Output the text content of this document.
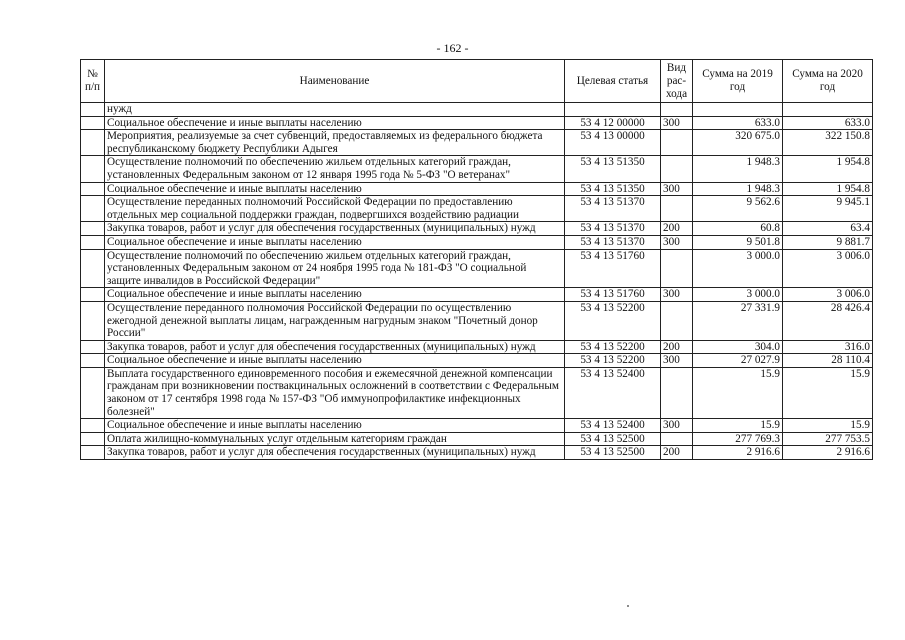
- 162 -
№ п/п	Наименование	Целевая статья	Вид рас-хода	Сумма на 2019 год	Сумма на 2020 год
	нужд				
	Социальное обеспечение и иные выплаты населению	53 4 12 00000	300	633.0	633.0
	Мероприятия, реализуемые за счет субвенций, предоставляемых из федерального бюджета республиканскому бюджету Республики Адыгея	53 4 13 00000		320 675.0	322 150.8
	Осуществление полномочий по обеспечению жильем отдельных категорий граждан, установленных Федеральным законом от 12 января 1995 года № 5-ФЗ "О ветеранах"	53 4 13 51350		1 948.3	1 954.8
	Социальное обеспечение и иные выплаты населению	53 4 13 51350	300	1 948.3	1 954.8
	Осуществление переданных полномочий Российской Федерации по предоставлению отдельных мер социальной поддержки граждан, подвергшихся воздействию радиации	53 4 13 51370		9 562.6	9 945.1
	Закупка товаров, работ и услуг для обеспечения государственных (муниципальных) нужд	53 4 13 51370	200	60.8	63.4
	Социальное обеспечение и иные выплаты населению	53 4 13 51370	300	9 501.8	9 881.7
	Осуществление полномочий по обеспечению жильем отдельных категорий граждан, установленных Федеральным законом от 24 ноября 1995 года № 181-ФЗ "О социальной защите инвалидов в Российской Федерации"	53 4 13 51760		3 000.0	3 006.0
	Социальное обеспечение и иные выплаты населению	53 4 13 51760	300	3 000.0	3 006.0
	Осуществление переданного полномочия Российской Федерации по осуществлению ежегодной денежной выплаты лицам, награжденным нагрудным знаком "Почетный донор России"	53 4 13 52200		27 331.9	28 426.4
	Закупка товаров, работ и услуг для обеспечения государственных (муниципальных) нужд	53 4 13 52200	200	304.0	316.0
	Социальное обеспечение и иные выплаты населению	53 4 13 52200	300	27 027.9	28 110.4
	Выплата государственного единовременного пособия и ежемесячной денежной компенсации гражданам при возникновении поствакцинальных осложнений в соответствии с Федеральным законом от 17 сентября 1998 года № 157-ФЗ "Об иммунопрофилактике инфекционных болезней"	53 4 13 52400		15.9	15.9
	Социальное обеспечение и иные выплаты населению	53 4 13 52400	300	15.9	15.9
	Оплата жилищно-коммунальных услуг отдельным категориям граждан	53 4 13 52500		277 769.3	277 753.5
	Закупка товаров, работ и услуг для обеспечения государственных (муниципальных) нужд	53 4 13 52500	200	2 916.6	2 916.6
